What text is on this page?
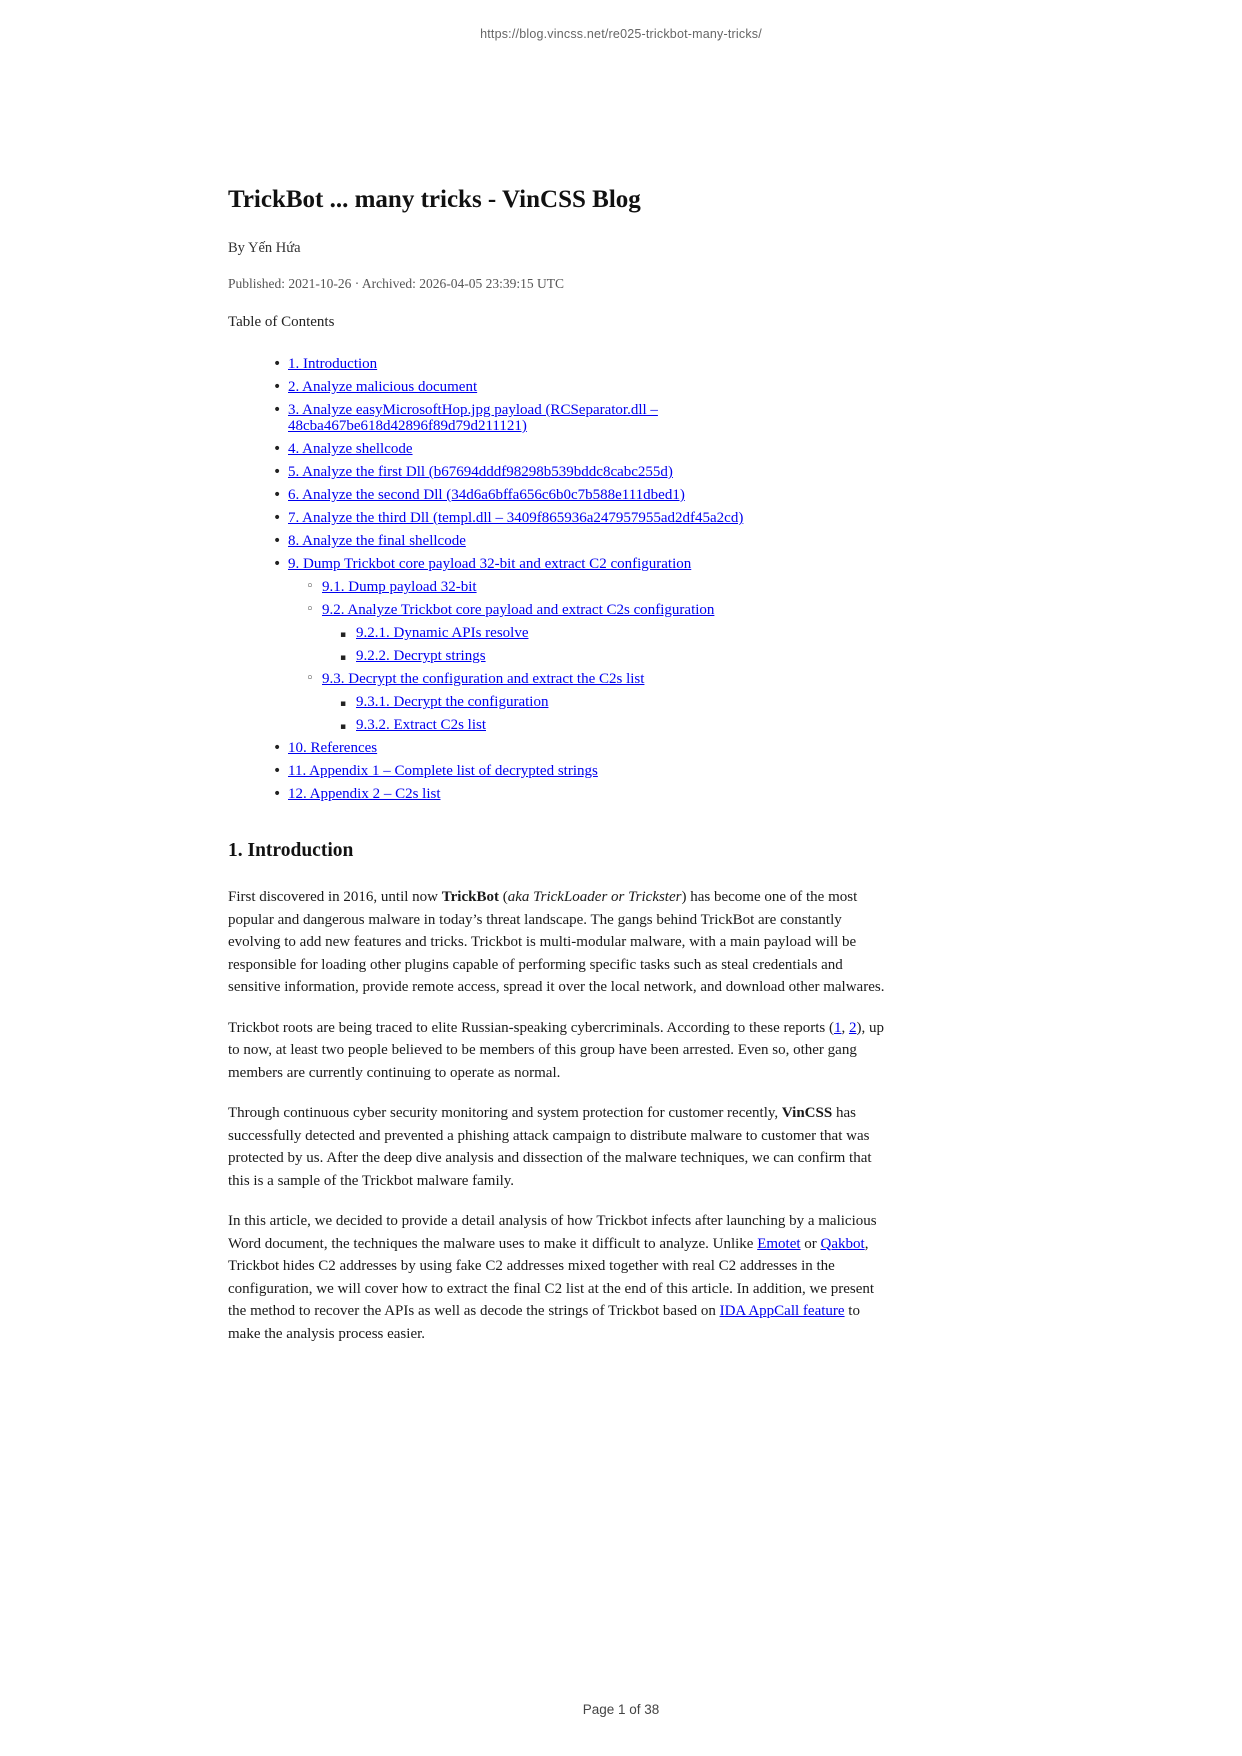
https://blog.vincss.net/re025-trickbot-many-tricks/
TrickBot ... many tricks - VinCSS Blog

By Yến Hứa

Published: 2021-10-26 · Archived: 2026-04-05 23:39:15 UTC

Table of Contents

• 1. Introduction
• 2. Analyze malicious document
• 3. Analyze easyMicrosoftHop.jpg payload (RCSeparator.dll – 48cba467be618d42896f89d79d211121)
• 4. Analyze shellcode
• 5. Analyze the first Dll (b67694dddf98298b539bddc8cabc255d)
• 6. Analyze the second Dll (34d6a6bffa656c6b0c7b588e111dbed1)
• 7. Analyze the third Dll (templ.dll – 3409f865936a247957955ad2df45a2cd)
• 8. Analyze the final shellcode
• 9. Dump Trickbot core payload 32-bit and extract C2 configuration
◦ 9.1. Dump payload 32-bit
◦ 9.2. Analyze Trickbot core payload and extract C2s configuration
▪ 9.2.1. Dynamic APIs resolve
▪ 9.2.2. Decrypt strings
◦ 9.3. Decrypt the configuration and extract the C2s list
▪ 9.3.1. Decrypt the configuration
▪ 9.3.2. Extract C2s list
• 10. References
• 11. Appendix 1 – Complete list of decrypted strings
• 12. Appendix 2 – C2s list
1. Introduction

First discovered in 2016, until now TrickBot (aka TrickLoader or Trickster) has become one of the most popular and dangerous malware in today’s threat landscape. The gangs behind TrickBot are constantly evolving to add new features and tricks. Trickbot is multi-modular malware, with a main payload will be responsible for loading other plugins capable of performing specific tasks such as steal credentials and sensitive information, provide remote access, spread it over the local network, and download other malwares.

Trickbot roots are being traced to elite Russian-speaking cybercriminals. According to these reports (1, 2), up to now, at least two people believed to be members of this group have been arrested. Even so, other gang members are currently continuing to operate as normal.

Through continuous cyber security monitoring and system protection for customer recently, VinCSS has successfully detected and prevented a phishing attack campaign to distribute malware to customer that was protected by us. After the deep dive analysis and dissection of the malware techniques, we can confirm that this is a sample of the Trickbot malware family.

In this article, we decided to provide a detail analysis of how Trickbot infects after launching by a malicious Word document, the techniques the malware uses to make it difficult to analyze. Unlike Emotet or Qakbot, Trickbot hides C2 addresses by using fake C2 addresses mixed together with real C2 addresses in the configuration, we will cover how to extract the final C2 list at the end of this article. In addition, we present the method to recover the APIs as well as decode the strings of Trickbot based on IDA AppCall feature to make the analysis process easier.

Page 1 of 38
